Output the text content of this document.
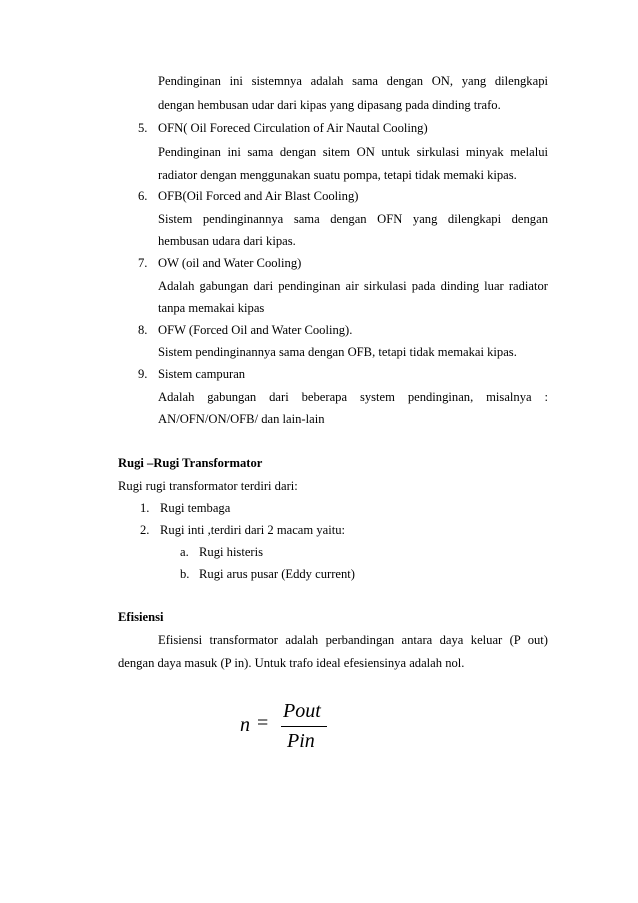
Pendinginan ini sistemnya adalah sama dengan ON, yang dilengkapi
dengan hembusan udar dari kipas yang dipasang pada dinding trafo.
5. OFN( Oil Foreced Circulation of Air Nautal Cooling)
Pendinginan ini sama dengan sitem ON untuk sirkulasi minyak melalui
radiator dengan menggunakan suatu pompa, tetapi tidak memaki kipas.
6. OFB(Oil Forced and Air Blast Cooling)
Sistem pendinginannya sama dengan OFN yang dilengkapi dengan
hembusan udara dari kipas.
7. OW (oil and Water Cooling)
Adalah gabungan dari pendinginan air sirkulasi pada dinding luar radiator
tanpa memakai kipas
8. OFW (Forced Oil and Water Cooling).
Sistem pendinginannya sama dengan OFB, tetapi tidak memakai kipas.
9. Sistem campuran
Adalah gabungan dari beberapa system pendinginan, misalnya :
AN/OFN/ON/OFB/ dan lain-lain
Rugi –Rugi Transformator
Rugi rugi transformator terdiri dari:
1. Rugi tembaga
2. Rugi inti ,terdiri dari 2 macam yaitu:
a. Rugi histeris
b. Rugi arus pusar (Eddy current)
Efisiensi
Efisiensi transformator adalah perbandingan antara daya keluar (P out)
dengan daya masuk (P in). Untuk trafo ideal efesiensinya adalah nol.
n =
Pout
Pin
